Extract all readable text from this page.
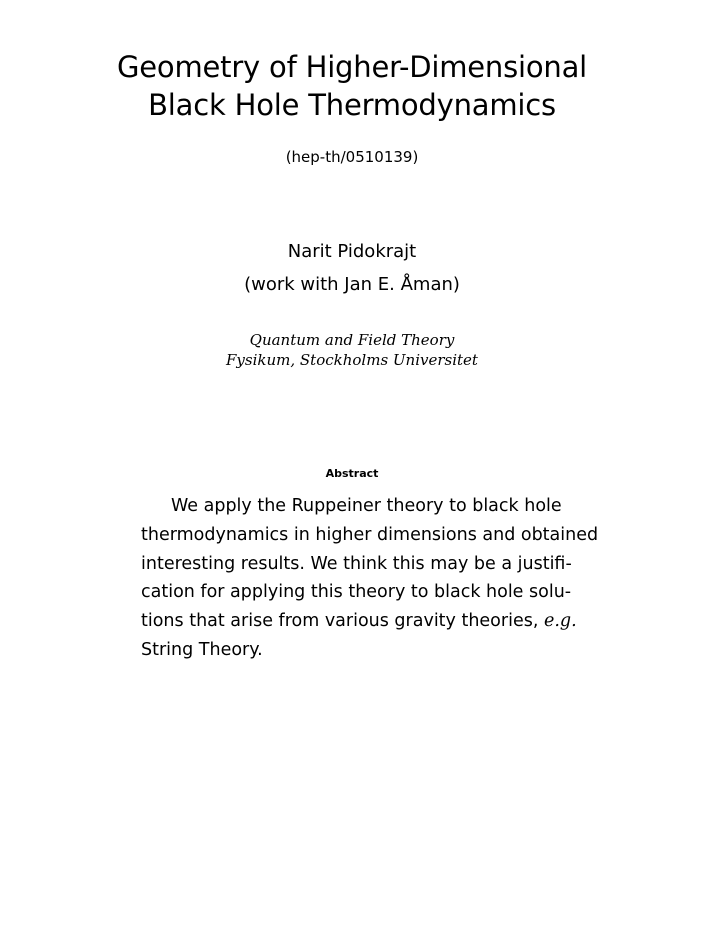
Geometry of Higher-Dimensional
Black Hole Thermodynamics
(hep-th/0510139)
Narit Pidokrajt
(work with Jan E. Åman)
Quantum and Field Theory
Fysikum, Stockholms Universitet
Abstract
We apply the Ruppeiner theory to black hole
thermodynamics in higher dimensions and obtained
interesting results. We think this may be a justifi-
cation for applying this theory to black hole solu-
tions that arise from various gravity theories, e.g.
String Theory.
